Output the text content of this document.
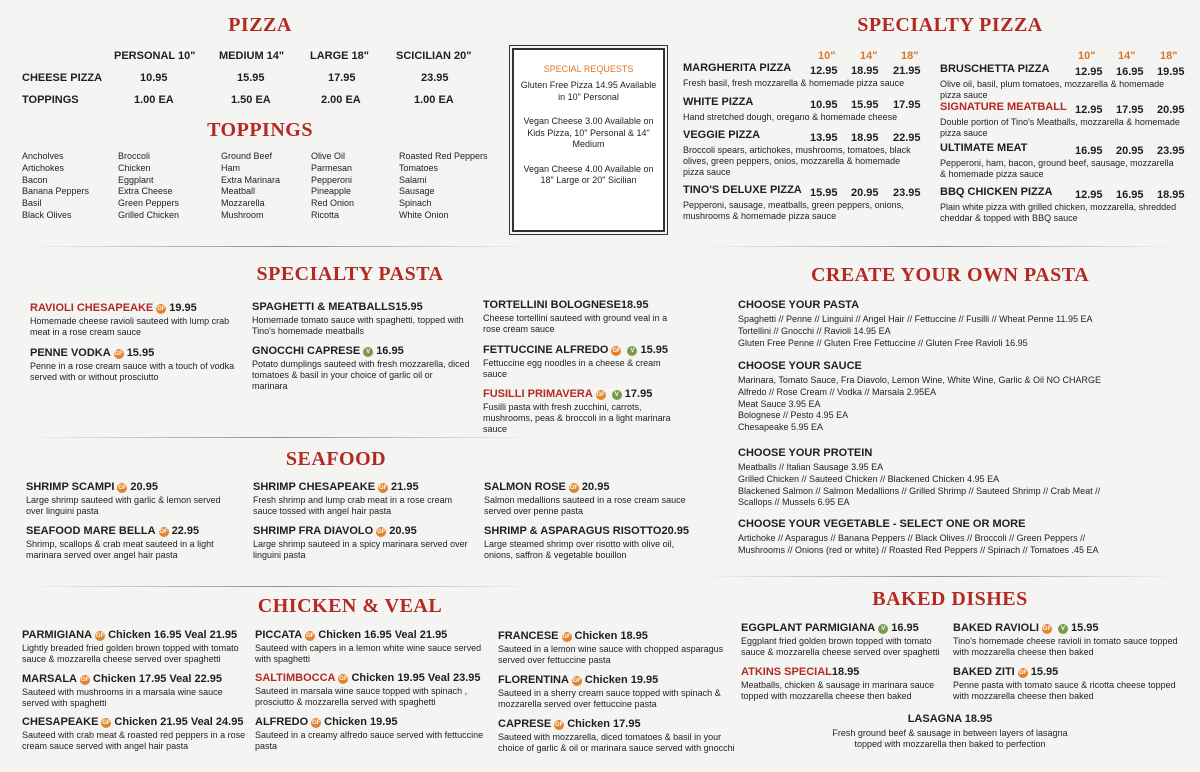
PIZZA
PERSONAL 10" MEDIUM 14" LARGE 18" SCICILIAN 20"
CHEESE PIZZA	10.95	15.95	17.95	23.95
TOPPINGS	1.00 EA	1.50 EA	2.00 EA	1.00 EA
TOPPINGS
Ancholves
Artichokes
Bacon
Banana Peppers
Basil
Black Olives
Broccoli
Chicken
Eggplant
Extra Cheese
Green Peppers
Grilled Chicken
Ground Beef
Ham
Extra Marinara
Meatball
Mozzarella
Mushroom
Olive Oil
Parmesan
Pepperoni
Pineapple
Red Onion
Ricotta
Roasted Red Peppers
Tomatoes
Salami
Sausage
Spinach
White Onion
SPECIAL REQUESTS
Gluten Free Pizza 14.95 Available in 10" Personal
Vegan Cheese 3.00 Available on Kids Pizza, 10" Personal & 14" Medium
Vegan Cheese 4.00 Available on 18" Large or 20" Sicilian
SPECIALTY PIZZA
10" 14" 18"	10" 14" 18"
MARGHERITA PIZZA 12.95 18.95 21.95
Fresh basil, fresh mozzarella & homemade pizza sauce
WHITE PIZZA	10.95 15.95 17.95
Hand stretched dough, oregano & homemade cheese
VEGGIE PIZZA	13.95 18.95 22.95
Broccoli spears, artichokes, mushrooms, tomatoes, black olives, green peppers, onios, mozzarella & homemade pizza sauce
TINO'S DELUXE PIZZA 15.95 20.95 23.95
Pepperoni, sausage, meatballs, green peppers, onions, mushrooms & homemade pizza sauce
BRUSCHETTA PIZZA 12.95 16.95 19.95
Olive oil, basil, plum tomatoes, mozzarella & homemade pizza sauce
SIGNATURE MEATBALL 12.95 17.95 20.95
Double portion of Tino's Meatballs, mozzarella & homemade pizza sauce
ULTIMATE MEAT	16.95 20.95 23.95
Pepperoni, ham, bacon, ground beef, sausage, mozzarella & homemade pizza sauce
BBQ CHICKEN PIZZA 12.95 16.95 18.95
Plain white pizza with grilled chicken, mozzarella, shredded cheddar & topped with BBQ sauce
SPECIALTY PASTA
RAVIOLI CHESAPEAKE GF 19.95
Homemade cheese ravioli sauteed with lump crab meat in a rose cream sauce
PENNE VODKA GF 15.95
Penne in a rose cream sauce with a touch of vodka served with or without prosciutto
SPAGHETTI & MEATBALLS15.95
Homemade tomato sauce with spaghetti, topped with Tino's homemade meatballs
GNOCCHI CAPRESE V 16.95
Potato dumplings sauteed with fresh mozzarella, diced tomatoes & basil in your choice of garlic oil or marinara
TORTELLINI BOLOGNESE18.95
Cheese tortellini sauteed with ground veal in a rose cream sauce
FETTUCCINE ALFREDO GF V 15.95
Fettuccine egg noodles in a cheese & cream sauce
FUSILLI PRIMAVERA GF V 17.95
Fusilli pasta with fresh zucchini, carrots, mushrooms, peas & broccoli in a light marinara sauce
SEAFOOD
SHRIMP SCAMPI GF 20.95
Large shrimp sauteed with garlic & lemon served over linguini pasta
SEAFOOD MARE BELLA GF 22.95
Shrimp, scallops & crab meat sauteed in a light marinara served over angel hair pasta
SHRIMP CHESAPEAKE GF 21.95
Fresh shrimp and lump crab meat in a rose cream sauce tossed with angel hair pasta
SHRIMP FRA DIAVOLO GF 20.95
Large shrimp sauteed in a spicy marinara served over linguini pasta
SALMON ROSE GF 20.95
Salmon medallions sauteed in a rose cream sauce served over penne pasta
SHRIMP & ASPARAGUS RISOTTO20.95
Large steamed shrimp over risotto with olive oil, onions, saffron & vegetable bouillon
CHICKEN & VEAL
PARMIGIANA GF Chicken 16.95 Veal 21.95
Lightly breaded fried golden brown topped with tomato sauce & mozzarella cheese served over spaghetti
MARSALA GF Chicken 17.95 Veal 22.95
Sauteed with mushrooms in a marsala wine sauce served with spaghetti
CHESAPEAKE GF Chicken 21.95 Veal 24.95
Sauteed with crab meat & roasted red peppers in a rose cream sauce served with angel hair pasta
PICCATA GF Chicken 16.95 Veal 21.95
Sauteed with capers in a lemon white wine sauce served with spaghetti
SALTIMBOCCA GF Chicken 19.95 Veal 23.95
Sauteed in marsala wine sauce topped with spinach , prosciutto & mozzarella served with spaghetti
ALFREDO GF Chicken 19.95
Sauteed in a creamy alfredo sauce served with fettuccine pasta
FRANCESE GF Chicken 18.95
Sauteed in a lemon wine sauce with chopped asparagus served over fettuccine pasta
FLORENTINA GF Chicken 19.95
Sauteed in a sherry cream sauce topped with spinach & mozzarella served over fettuccine pasta
CAPRESE GF Chicken 17.95
Sauteed with mozzarella, diced tomatoes & basil in your choice of garlic & oil or marinara sauce served with gnocchi
CREATE YOUR OWN PASTA
CHOOSE YOUR PASTA
Spaghetti // Penne // Linguini // Angel Hair // Fettuccine // Fusilli // Wheat Penne 11.95 EA
Tortellini // Gnocchi // Ravioli 14.95 EA
Gluten Free Penne // Gluten Free Fettuccine // Gluten Free Ravioli 16.95
CHOOSE YOUR SAUCE
Marinara, Tomato Sauce, Fra Diavolo, Lemon Wine, White Wine, Garlic & Oil NO CHARGE
Alfredo // Rose Cream // Vodka // Marsala 2.95EA
Meat Sauce 3.95 EA
Bolognese // Pesto 4.95 EA
Chesapeake 5.95 EA
CHOOSE YOUR PROTEIN
Meatballs // Italian Sausage 3.95 EA
Grilled Chicken // Sauteed Chicken // Blackened Chicken 4.95 EA
Blackened Salmon // Salmon Medallions // Grilled Shrimp // Sauteed Shrimp // Crab Meat //
Scallops // Mussels 6.95 EA
CHOOSE YOUR VEGETABLE - SELECT ONE OR MORE
Artichoke // Asparagus // Banana Peppers // Black Olives // Broccoli // Green Peppers //
Mushrooms // Onions (red or white) // Roasted Red Peppers // Spinach // Tomatoes .45 EA
BAKED DISHES
EGGPLANT PARMIGIANA V 16.95
Eggplant fried golden brown topped with tomato sauce & mozzarella cheese served over spaghetti
ATKINS SPECIAL18.95
Meatballs, chicken & sausage in marinara sauce topped with mozzarella cheese then baked
BAKED RAVIOLI GF V 15.95
Tino's homemade cheese ravioli in tomato sauce topped with mozzarella cheese then baked
BAKED ZITI GF 15.95
Penne pasta with tomato sauce & ricotta cheese topped with mozzarella cheese then baked
LASAGNA 18.95
Fresh ground beef & sausage in between layers of lasagna topped with mozzarella then baked to perfection
